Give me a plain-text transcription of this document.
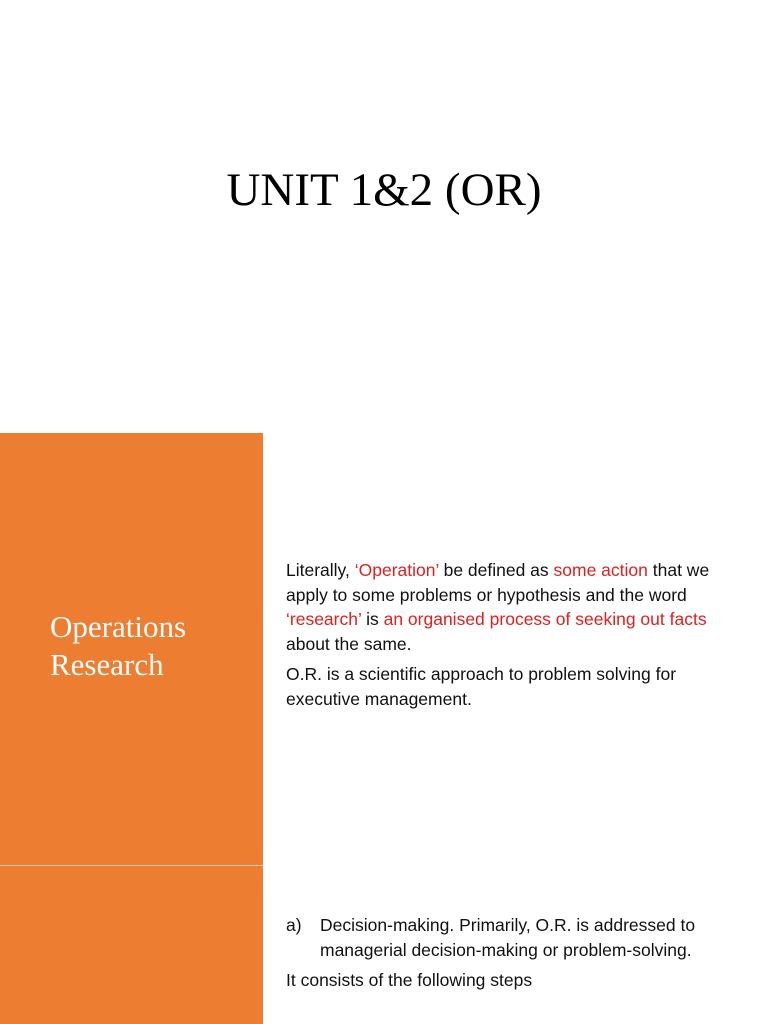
UNIT 1&2 (OR)
Operations Research

Literally, ‘Operation’ be defined as some action that we apply to some problems or hypothesis and the word ‘research’ is an organised process of seeking out facts about the same.

O.R. is a scientific approach to problem solving for executive management.

a)	Decision-making. Primarily, O.R. is addressed to managerial decision-making or problem-solving.

It consists of the following steps
